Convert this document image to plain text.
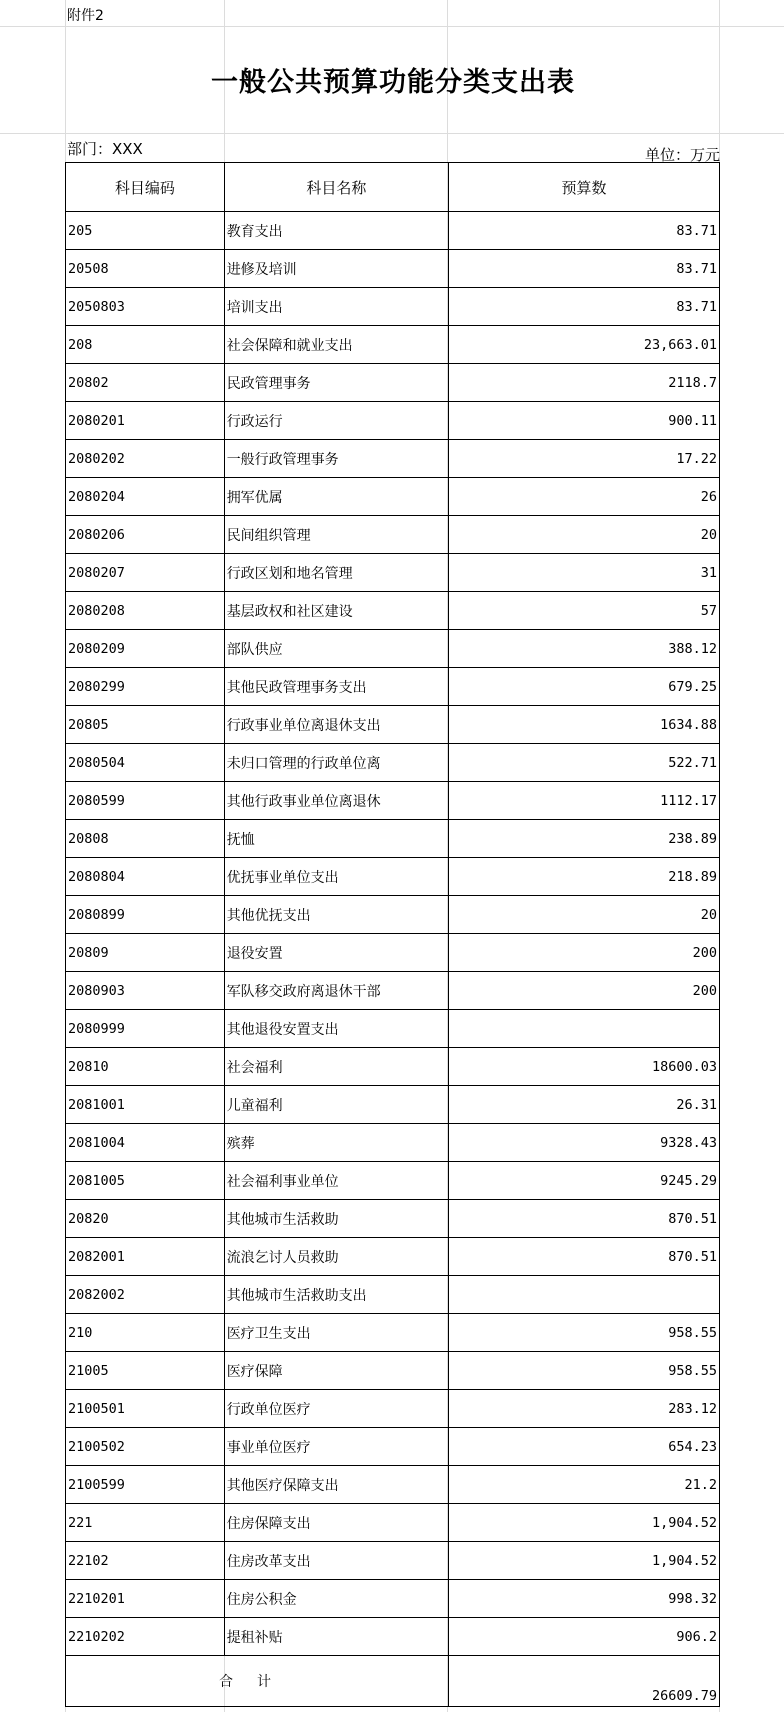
附件2
一般公共预算功能分类支出表
部门：XXX	单位：万元
科目编码	科目名称	预算数
205	教育支出	83.71
20508	进修及培训	83.71
2050803	培训支出	83.71
208	社会保障和就业支出	23,663.01
20802	民政管理事务	2118.7
2080201	行政运行	900.11
2080202	一般行政管理事务	17.22
2080204	拥军优属	26
2080206	民间组织管理	20
2080207	行政区划和地名管理	31
2080208	基层政权和社区建设	57
2080209	部队供应	388.12
2080299	其他民政管理事务支出	679.25
20805	行政事业单位离退休支出	1634.88
2080504	未归口管理的行政单位离	522.71
2080599	其他行政事业单位离退休	1112.17
20808	抚恤	238.89
2080804	优抚事业单位支出	218.89
2080899	其他优抚支出	20
20809	退役安置	200
2080903	军队移交政府离退休干部	200
2080999	其他退役安置支出	
20810	社会福利	18600.03
2081001	儿童福利	26.31
2081004	殡葬	9328.43
2081005	社会福利事业单位	9245.29
20820	其他城市生活救助	870.51
2082001	流浪乞讨人员救助	870.51
2082002	其他城市生活救助支出	
210	医疗卫生支出	958.55
21005	医疗保障	958.55
2100501	行政单位医疗	283.12
2100502	事业单位医疗	654.23
2100599	其他医疗保障支出	21.2
221	住房保障支出	1,904.52
22102	住房改革支出	1,904.52
2210201	住房公积金	998.32
2210202	提租补贴	906.2
合计		26609.79
